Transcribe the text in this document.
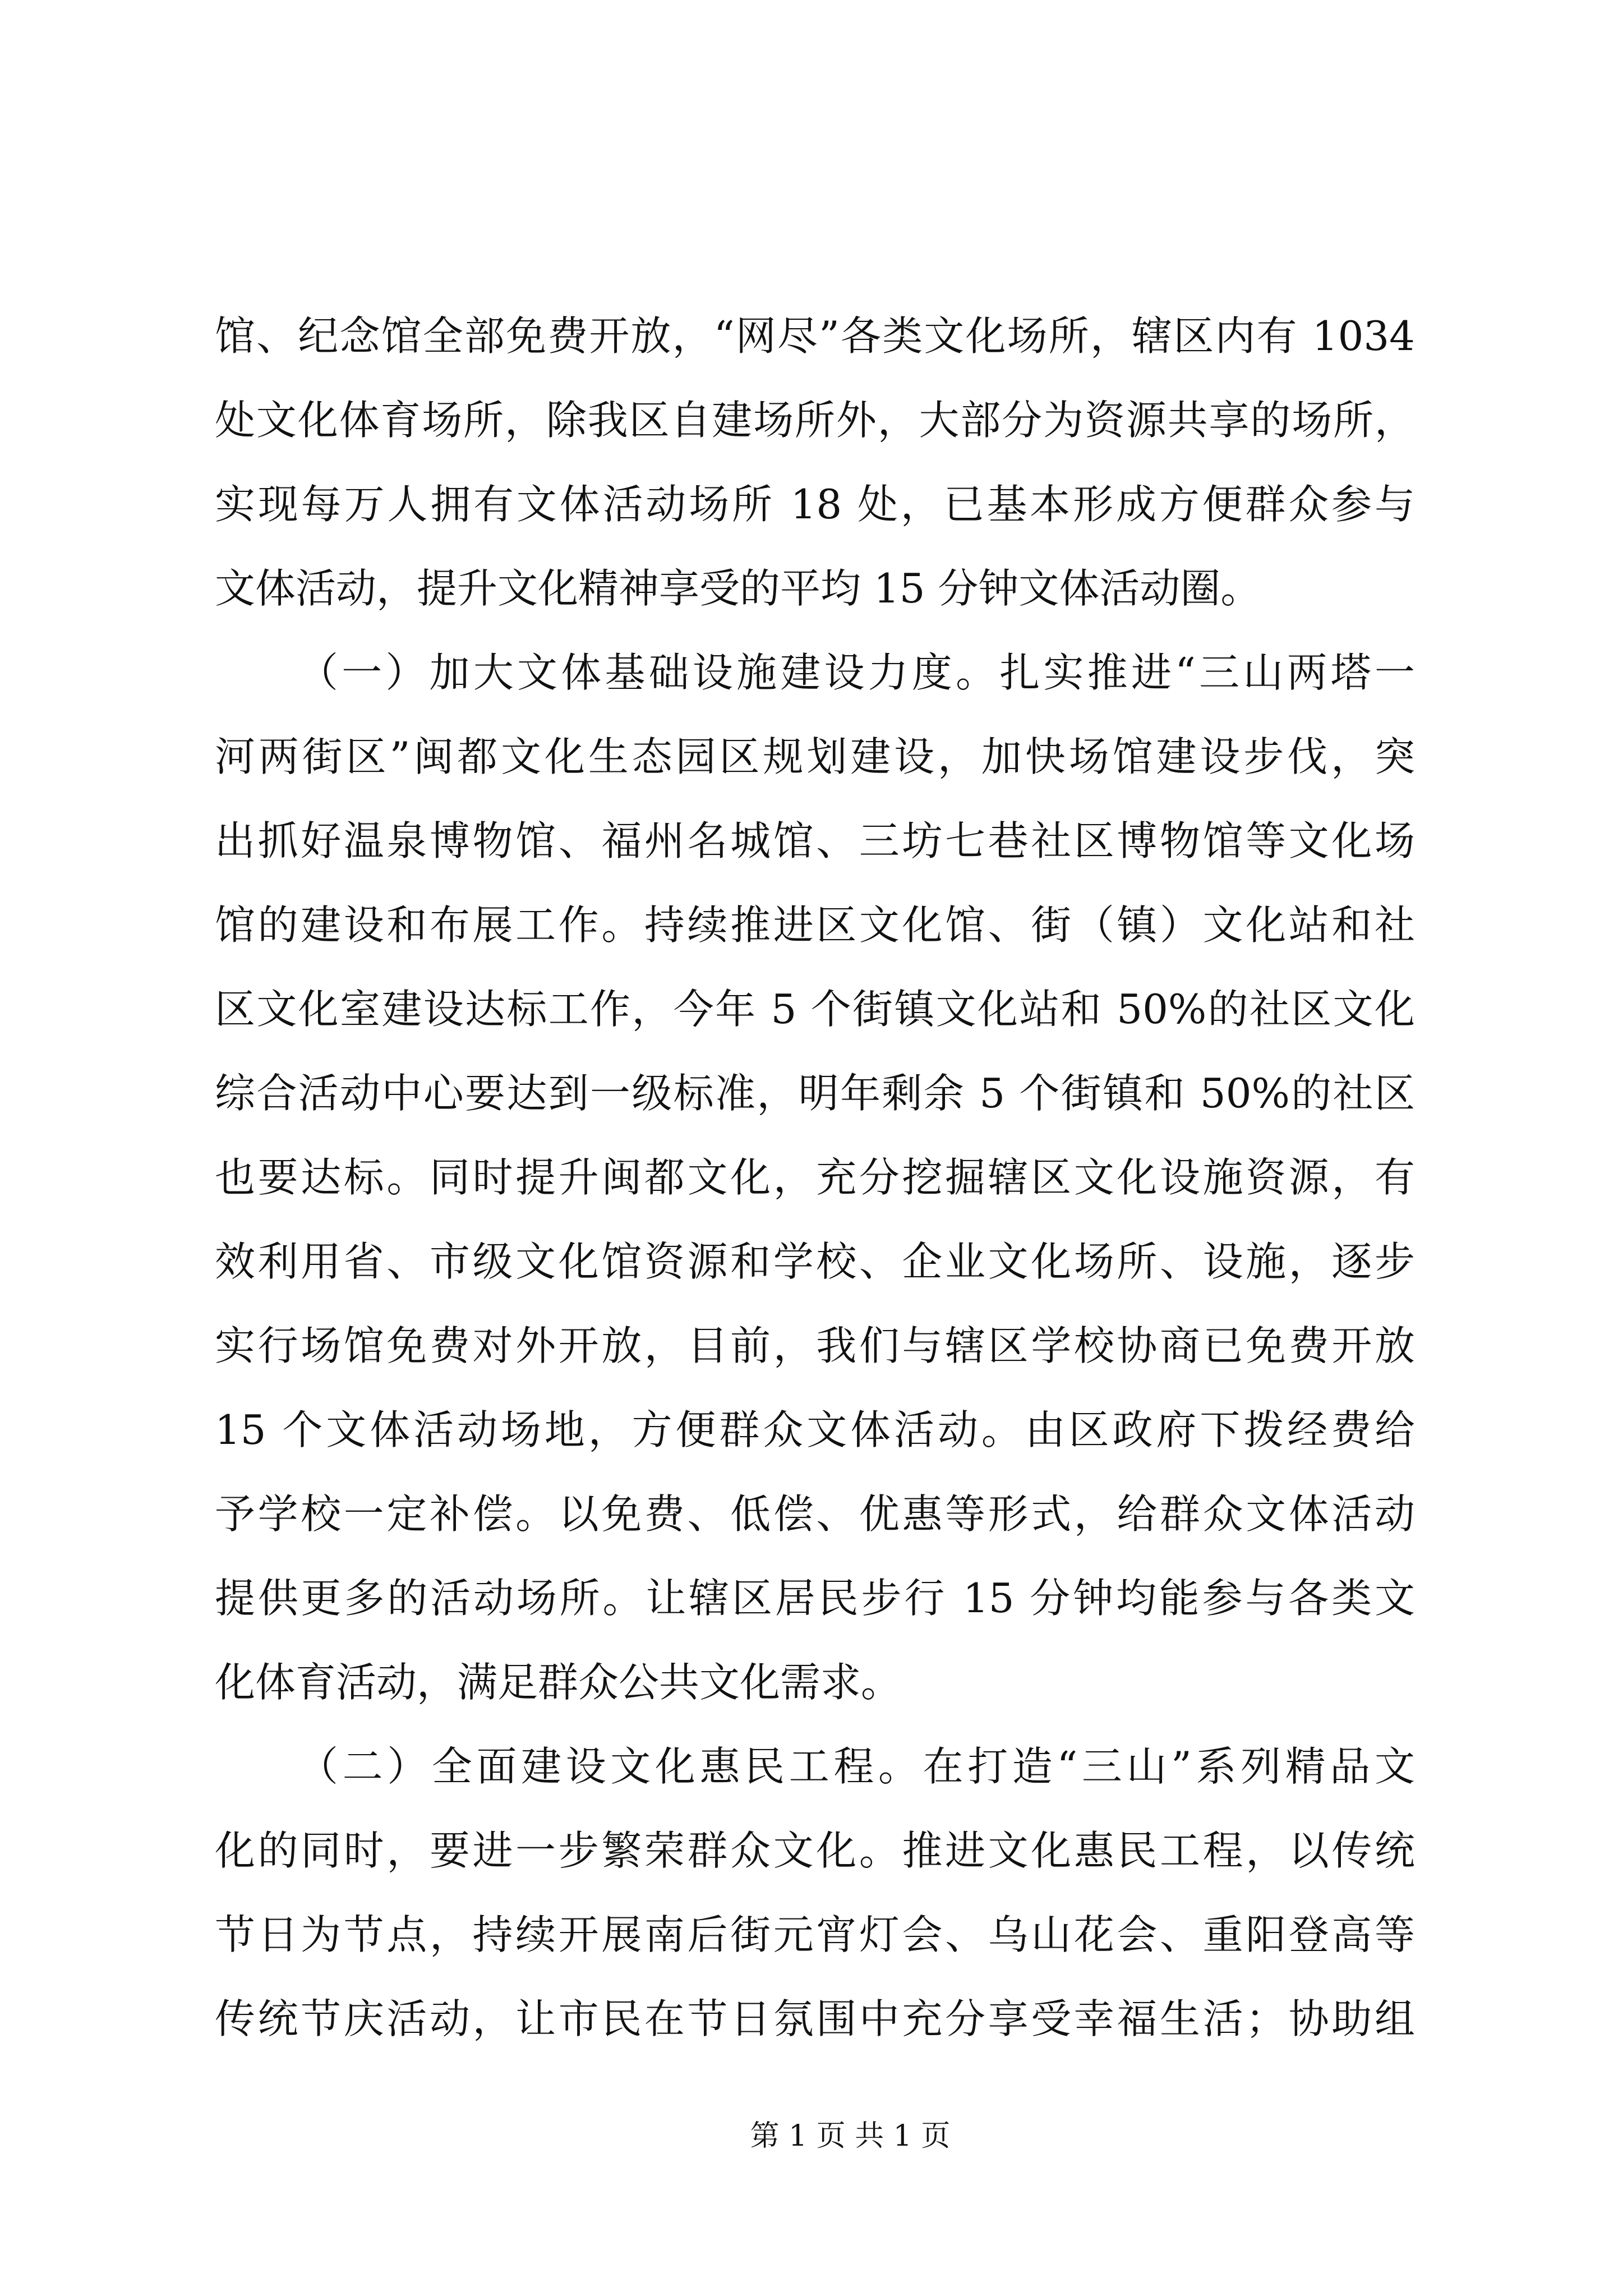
馆、纪念馆全部免费开放，“网尽”各类文化场所，辖区内有 1034
处文化体育场所，除我区自建场所外，大部分为资源共享的场所，
实现每万人拥有文体活动场所 18 处，已基本形成方便群众参与
文体活动，提升文化精神享受的平均 15 分钟文体活动圈。
（一）加大文体基础设施建设力度。扎实推进“三山两塔一
河两街区”闽都文化生态园区规划建设，加快场馆建设步伐，突
出抓好温泉博物馆、福州名城馆、三坊七巷社区博物馆等文化场
馆的建设和布展工作。持续推进区文化馆、街（镇）文化站和社
区文化室建设达标工作，今年 5 个街镇文化站和 50%的社区文化
综合活动中心要达到一级标准，明年剩余 5 个街镇和 50%的社区
也要达标。同时提升闽都文化，充分挖掘辖区文化设施资源，有
效利用省、市级文化馆资源和学校、企业文化场所、设施，逐步
实行场馆免费对外开放，目前，我们与辖区学校协商已免费开放
15 个文体活动场地，方便群众文体活动。由区政府下拨经费给
予学校一定补偿。以免费、低偿、优惠等形式，给群众文体活动
提供更多的活动场所。让辖区居民步行 15 分钟均能参与各类文
化体育活动，满足群众公共文化需求。
（二）全面建设文化惠民工程。在打造“三山”系列精品文
化的同时，要进一步繁荣群众文化。推进文化惠民工程，以传统
节日为节点，持续开展南后街元宵灯会、乌山花会、重阳登高等
传统节庆活动，让市民在节日氛围中充分享受幸福生活；协助组
第 1 页 共 1 页
